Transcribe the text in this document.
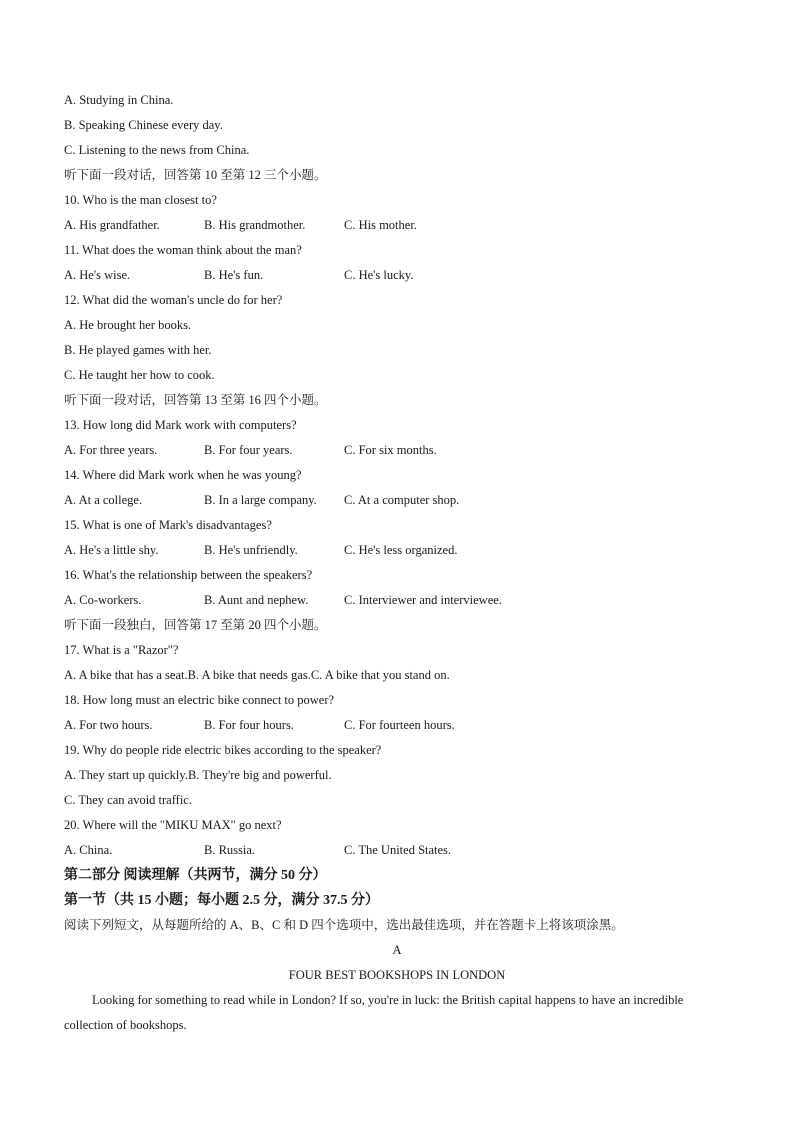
A. Studying in China.
B. Speaking Chinese every day.
C. Listening to the news from China.
听下面一段对话，回答第 10 至第 12 三个小题。
10. Who is the man closest to?
A. His grandfather.	B. His grandmother.	C. His mother.
11. What does the woman think about the man?
A. He's wise.	B. He's fun.	C. He's lucky.
12. What did the woman's uncle do for her?
A. He brought her books.
B. He played games with her.
C. He taught her how to cook.
听下面一段对话，回答第 13 至第 16 四个小题。
13. How long did Mark work with computers?
A. For three years.	B. For four years.	C. For six months.
14. Where did Mark work when he was young?
A. At a college.	B. In a large company.	C. At a computer shop.
15. What is one of Mark's disadvantages?
A. He's a little shy.	B. He's unfriendly.	C. He's less organized.
16. What's the relationship between the speakers?
A. Co-workers.	B. Aunt and nephew.	C. Interviewer and interviewee.
听下面一段独白，回答第 17 至第 20 四个小题。
17. What is a "Razor"?
A. A bike that has a seat.B. A bike that needs gas.C. A bike that you stand on.
18. How long must an electric bike connect to power?
A. For two hours.	B. For four hours.	C. For fourteen hours.
19. Why do people ride electric bikes according to the speaker?
A. They start up quickly.B. They're big and powerful.
C. They can avoid traffic.
20. Where will the "MIKU MAX" go next?
A. China.	B. Russia.	C. The United States.
第二部分 阅读理解（共两节，满分 50 分）
第一节（共 15 小题；每小题 2.5 分，满分 37.5 分）
阅读下列短文，从每题所给的 A、B、C 和 D 四个选项中，选出最佳选项，并在答题卡上将该项涂黑。
A
FOUR BEST BOOKSHOPS IN LONDON
Looking for something to read while in London? If so, you're in luck: the British capital happens to have an incredible collection of bookshops.
